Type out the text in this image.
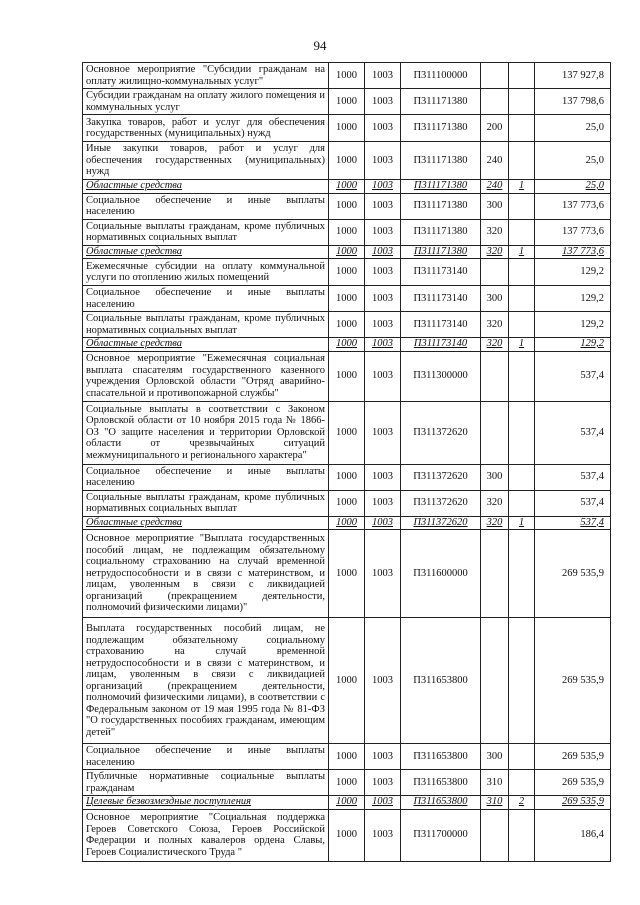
94
Основное мероприятие "Субсидии гражданам на оплату жилищно-коммунальных услуг"	1000	1003	П311100000			137 927,8
Субсидии гражданам на оплату жилого помещения и коммунальных услуг	1000	1003	П311171380			137 798,6
Закупка товаров, работ и услуг для обеспечения государственных (муниципальных) нужд	1000	1003	П311171380	200		25,0
Иные закупки товаров, работ и услуг для обеспечения государственных (муниципальных) нужд	1000	1003	П311171380	240		25,0
Областные средства	1000	1003	П311171380	240	1	25,0
Социальное обеспечение и иные выплаты населению	1000	1003	П311171380	300		137 773,6
Социальные выплаты гражданам, кроме публичных нормативных социальных выплат	1000	1003	П311171380	320		137 773,6
Областные средства	1000	1003	П311171380	320	1	137 773,6
Ежемесячные субсидии на оплату коммунальной услуги по отоплению жилых помещений	1000	1003	П311173140			129,2
Социальное обеспечение и иные выплаты населению	1000	1003	П311173140	300		129,2
Социальные выплаты гражданам, кроме публичных нормативных социальных выплат	1000	1003	П311173140	320		129,2
Областные средства	1000	1003	П311173140	320	1	129,2
Основное мероприятие "Ежемесячная социальная выплата спасателям государственного казенного учреждения Орловской области "Отряд аварийно-спасательной и противопожарной службы"	1000	1003	П311300000			537,4
Социальные выплаты в соответствии с Законом Орловской области от 10 ноября 2015 года № 1866-ОЗ "О защите населения и территории Орловской области от чрезвычайных ситуаций межмуниципального и регионального характера"	1000	1003	П311372620			537,4
Социальное обеспечение и иные выплаты населению	1000	1003	П311372620	300		537,4
Социальные выплаты гражданам, кроме публичных нормативных социальных выплат	1000	1003	П311372620	320		537,4
Областные средства	1000	1003	П311372620	320	1	537,4
Основное мероприятие "Выплата государственных пособий лицам, не подлежащим обязательному социальному страхованию на случай временной нетрудоспособности и в связи с материнством, и лицам, уволенным в связи с ликвидацией организаций (прекращением деятельности, полномочий физическими лицами)"	1000	1003	П311600000			269 535,9
Выплата государственных пособий лицам, не подлежащим обязательному социальному страхованию на случай временной нетрудоспособности и в связи с материнством, и лицам, уволенным в связи с ликвидацией организаций (прекращением деятельности, полномочий физическими лицами), в соответствии с Федеральным законом от 19 мая 1995 года № 81-ФЗ "О государственных пособиях гражданам, имеющим детей"	1000	1003	П311653800			269 535,9
Социальное обеспечение и иные выплаты населению	1000	1003	П311653800	300		269 535,9
Публичные нормативные социальные выплаты гражданам	1000	1003	П311653800	310		269 535,9
Целевые безвозмездные поступления	1000	1003	П311653800	310	2	269 535,9
Основное мероприятие "Социальная поддержка Героев Советского Союза, Героев Российской Федерации и полных кавалеров ордена Славы, Героев Социалистического Труда "	1000	1003	П311700000			186,4
